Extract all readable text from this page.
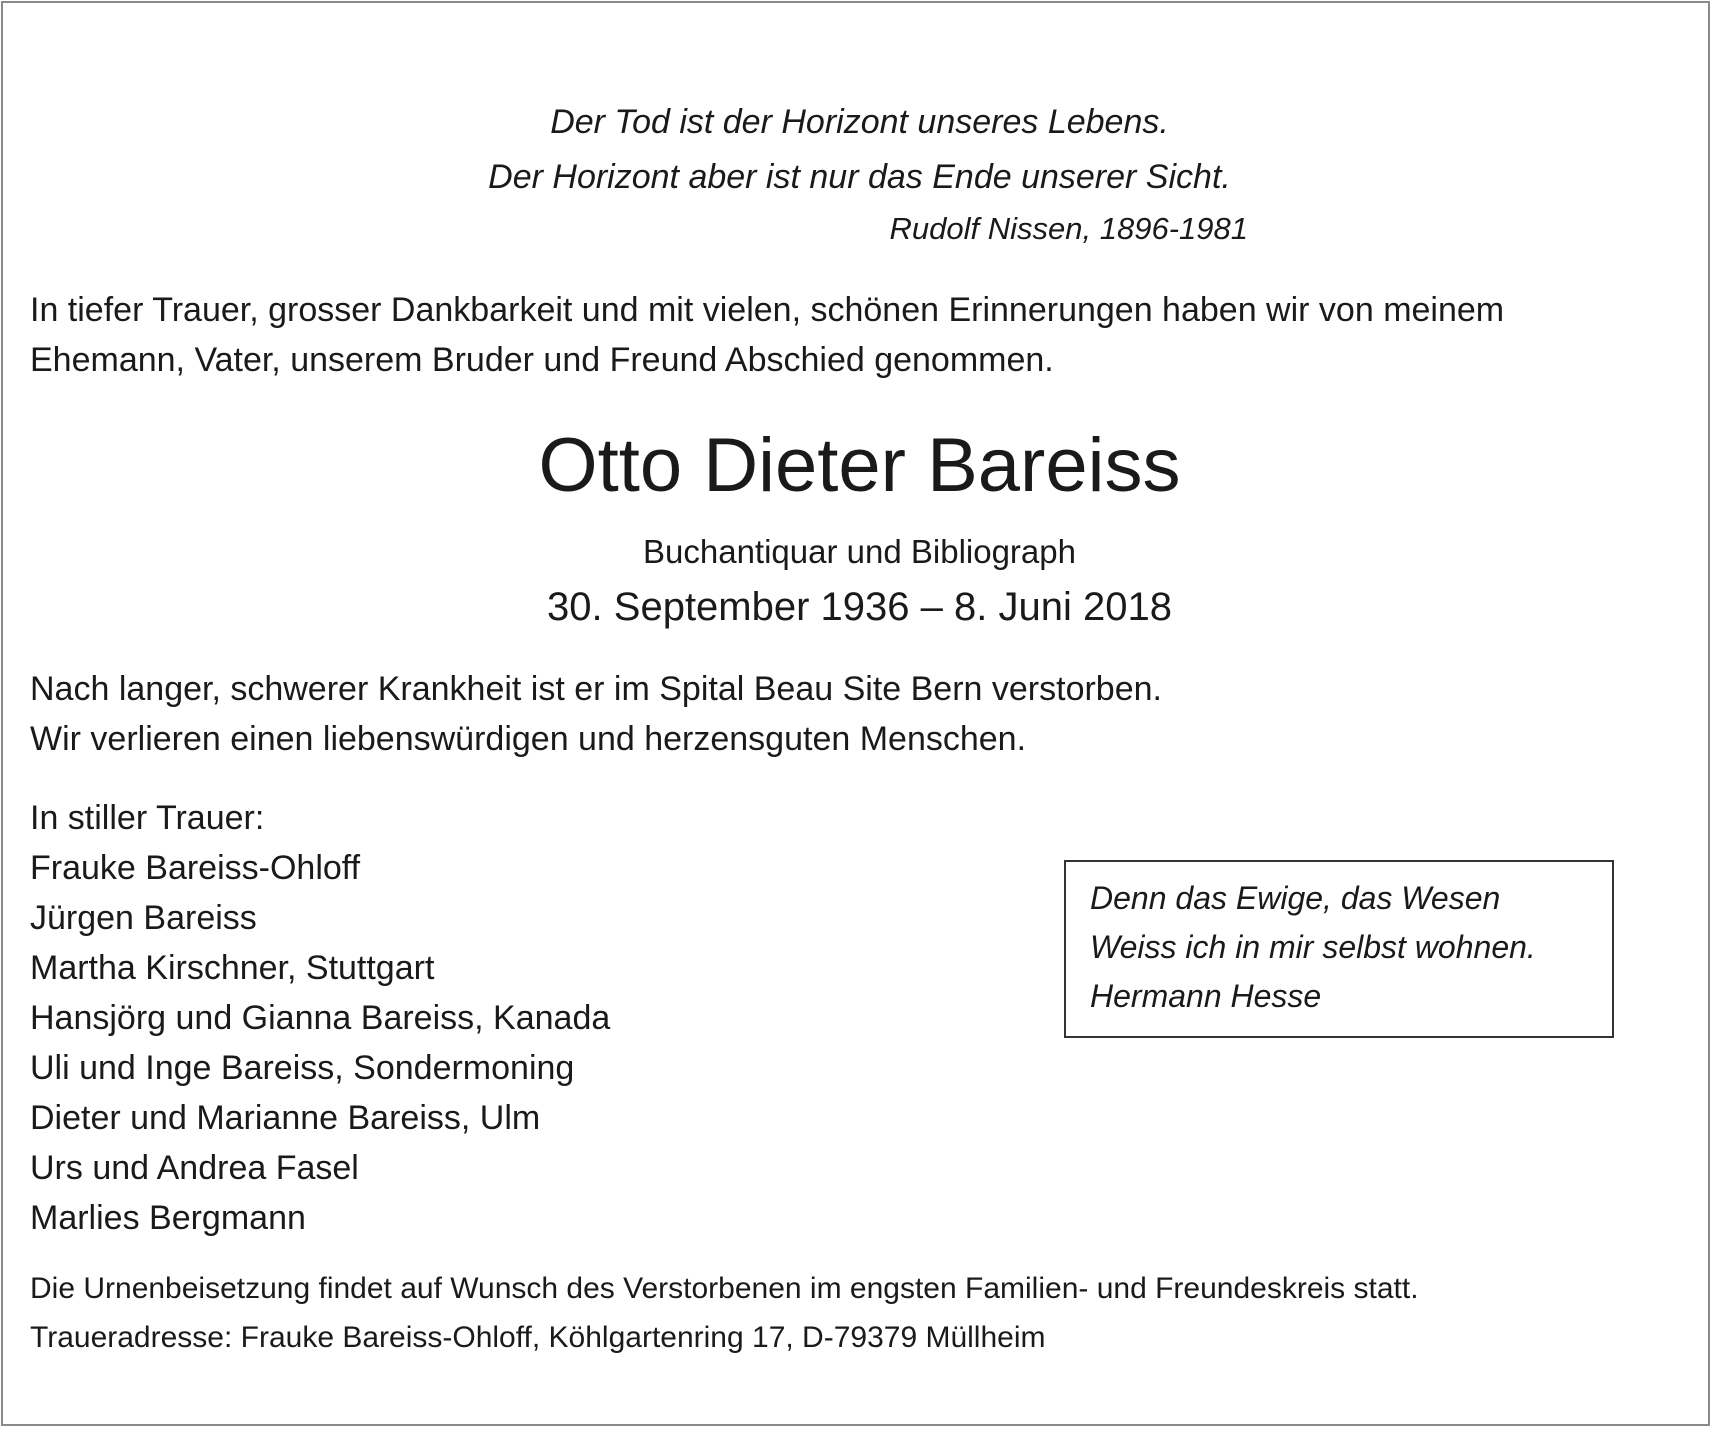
Der Tod ist der Horizont unseres Lebens.
Der Horizont aber ist nur das Ende unserer Sicht.
Rudolf Nissen, 1896-1981
In tiefer Trauer, grosser Dankbarkeit und mit vielen, schönen Erinnerungen haben wir von meinem
Ehemann, Vater, unserem Bruder und Freund Abschied genommen.
Otto Dieter Bareiss
Buchantiquar und Bibliograph
30. September 1936 – 8. Juni 2018
Nach langer, schwerer Krankheit ist er im Spital Beau Site Bern verstorben.
Wir verlieren einen liebenswürdigen und herzensguten Menschen.
In stiller Trauer:
Frauke Bareiss-Ohloff
Jürgen Bareiss
Martha Kirschner, Stuttgart
Hansjörg und Gianna Bareiss, Kanada
Uli und Inge Bareiss, Sondermoning
Dieter und Marianne Bareiss, Ulm
Urs und Andrea Fasel
Marlies Bergmann
Denn das Ewige, das Wesen
Weiss ich in mir selbst wohnen.
Hermann Hesse
Die Urnenbeisetzung findet auf Wunsch des Verstorbenen im engsten Familien- und Freundeskreis statt.
Traueradresse: Frauke Bareiss-Ohloff, Köhlgartenring 17, D-79379 Müllheim
